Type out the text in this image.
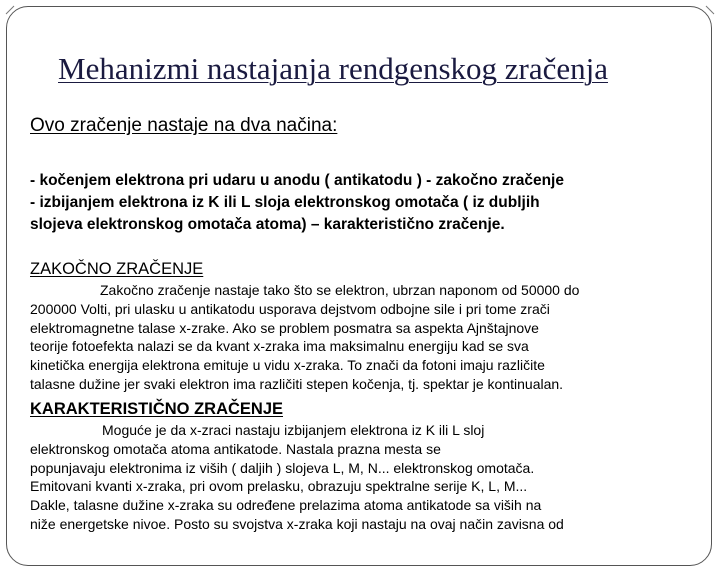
Mehanizmi nastajanja rendgenskog zračenja
Ovo zračenje nastaje na dva načina:
- kočenjem elektrona pri udaru u anodu ( antikatodu ) - zakočno zračenje
- izbijanjem elektrona iz K ili L sloja elektronskog omotača ( iz dubljih
slojeva elektronskog omotača atoma) – karakteristično zračenje.
ZAKOČNO ZRAČENJE
Zakočno zračenje nastaje tako što se elektron, ubrzan naponom od 50000 do
200000 Volti, pri ulasku u antikatodu usporava dejstvom odbojne sile i pri tome zrači
elektromagnetne talase x-zrake. Ako se problem posmatra sa aspekta Ajnštajnove
teorije fotoefekta nalazi se da kvant x-zraka ima maksimalnu energiju kad se sva
kinetička energija elektrona emituje u vidu x-zraka. To znači da fotoni imaju različite
talasne dužine jer svaki elektron ima različiti stepen kočenja, tj. spektar je kontinualan.
KARAKTERISTIČNO ZRAČENJE
Moguće je da x-zraci nastaju izbijanjem elektrona iz K ili L sloj
elektronskog omotača atoma antikatode. Nastala prazna mesta se
popunjavaju elektronima iz viših ( daljih ) slojeva L, M, N... elektronskog omotača.
Emitovani kvanti x-zraka, pri ovom prelasku, obrazuju spektralne serije K, L, M...
Dakle, talasne dužine x-zraka su određene prelazima atoma antikatode sa viših na
niže energetske nivoe. Posto su svojstva x-zraka koji nastaju na ovaj način zavisna od
